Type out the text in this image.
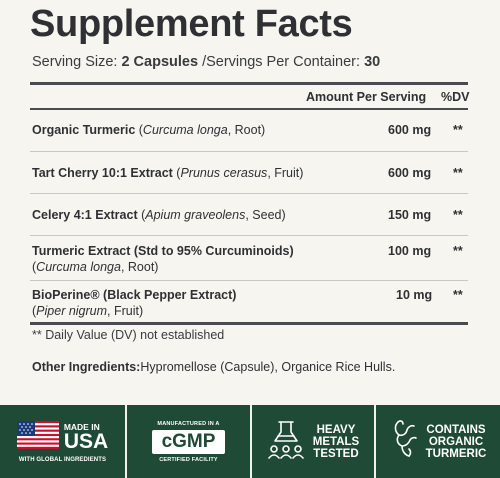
Supplement Facts
Serving Size: 2 Capsules /Servings Per Container: 30
Amount Per Serving %DV
Organic Turmeric (Curcuma longa, Root)	600 mg	**
Tart Cherry 10:1 Extract (Prunus cerasus, Fruit)	600 mg	**
Celery 4:1 Extract (Apium graveolens, Seed)	150 mg	**
Turmeric Extract (Std to 95% Curcuminoids)
(Curcuma longa, Root)
100 mg	**
BioPerine® (Black Pepper Extract)
(Piper nigrum, Fruit)
10 mg	**
** Daily Value (DV) not established
Other Ingredients:Hypromellose (Capsule), Organice Rice Hulls.
MADE IN
USA
WITH GLOBAL INGREDIENTS
MANUFACTURED IN A
cGMP
CERTIFIED FACILITY
HEAVY
METALS
TESTED
CONTAINS
ORGANIC
TURMERIC
